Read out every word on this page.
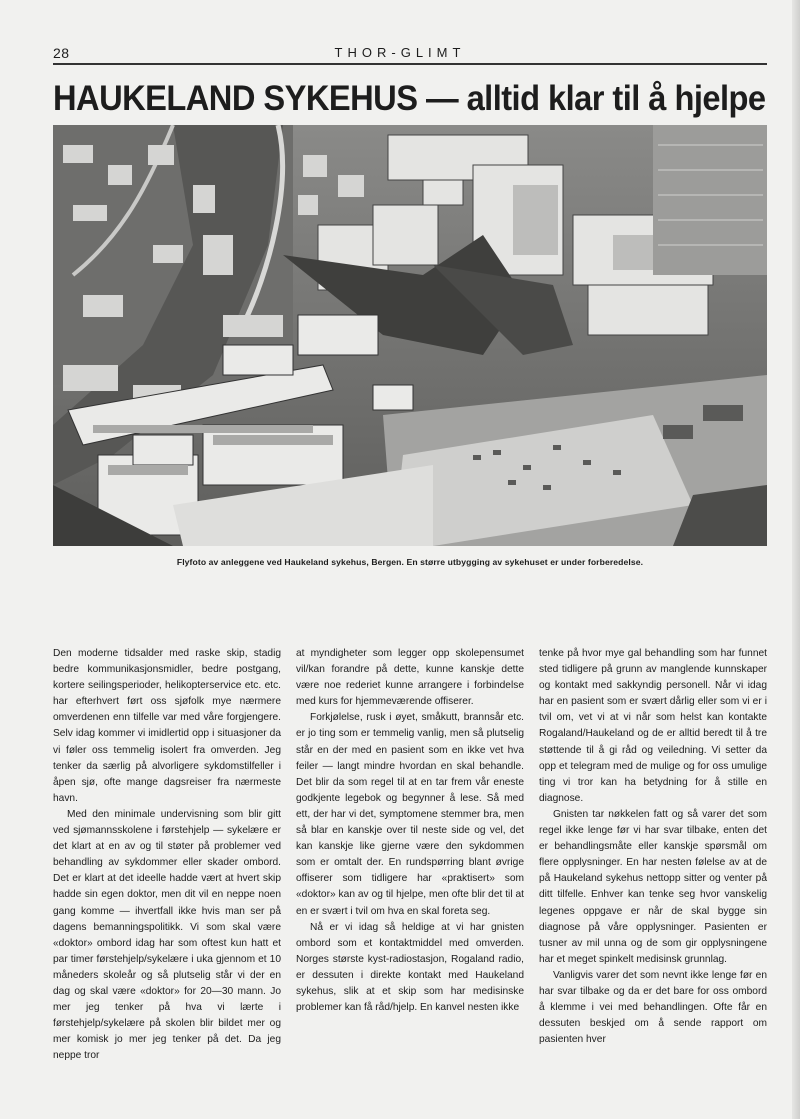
28	THOR-GLIMT
HAUKELAND SYKEHUS — alltid klar til å hjelpe
Flyfoto av anleggene ved Haukeland sykehus, Bergen. En større utbygging av sykehuset er under forberedelse.

Den moderne tidsalder med raske skip, stadig bedre kommunikasjonsmidler, bedre postgang, kortere seilingsperioder, helikopterservice etc. etc. har efterhvert ført oss sjøfolk mye nærmere omverdenen enn tilfelle var med våre forgjengere. Selv idag kommer vi imidlertid opp i situasjoner da vi føler oss temmelig isolert fra omverden. Jeg tenker da særlig på alvorligere sykdomstilfeller i åpen sjø, ofte mange dagsreiser fra nærmeste havn.

Med den minimale undervisning som blir gitt ved sjømannsskolene i førstehjelp — sykelære er det klart at en av og til støter på problemer ved behandling av sykdommer eller skader ombord. Det er klart at det ideelle hadde vært at hvert skip hadde sin egen doktor, men dit vil en neppe noen gang komme — ihvertfall ikke hvis man ser på dagens bemanningspolitikk. Vi som skal være «doktor» ombord idag har som oftest kun hatt et par timer førstehjelp/sykelære i uka gjennom et 10 måneders skoleår og så plutselig står vi der en dag og skal være «doktor» for 20—30 mann. Jo mer jeg tenker på hva vi lærte i førstehjelp/sykelære på skolen blir bildet mer og mer komisk jo mer jeg tenker på det. Da jeg neppe tror

at myndigheter som legger opp skolepensumet vil/kan forandre på dette, kunne kanskje dette være noe rederiet kunne arrangere i forbindelse med kurs for hjemmeværende offiserer.

Forkjølelse, rusk i øyet, småkutt, brannsår etc. er jo ting som er temmelig vanlig, men så plutselig står en der med en pasient som en ikke vet hva feiler — langt mindre hvordan en skal behandle. Det blir da som regel til at en tar frem vår eneste godkjente legebok og begynner å lese. Så med ett, der har vi det, symptomene stemmer bra, men så blar en kanskje over til neste side og vel, det kan kanskje like gjerne være den sykdommen som er omtalt der. En rundspørring blant øvrige offiserer som tidligere har «praktisert» som «doktor» kan av og til hjelpe, men ofte blir det til at en er svært i tvil om hva en skal foreta seg.

Nå er vi idag så heldige at vi har gnisten ombord som et kontaktmiddel med omverden. Norges største kyst-radiostasjon, Rogaland radio, er dessuten i direkte kontakt med Haukeland sykehus, slik at et skip som har medisinske problemer kan få råd/hjelp. En kanvel nesten ikke

tenke på hvor mye gal behandling som har funnet sted tidligere på grunn av manglende kunnskaper og kontakt med sakkyndig personell. Når vi idag har en pasient som er svært dårlig eller som vi er i tvil om, vet vi at vi når som helst kan kontakte Rogaland/Haukeland og de er alltid beredt til å tre støttende til å gi råd og veiledning. Vi setter da opp et telegram med de mulige og for oss umulige ting vi tror kan ha betydning for å stille en diagnose.

Gnisten tar nøkkelen fatt og så varer det som regel ikke lenge før vi har svar tilbake, enten det er behandlingsmåte eller kanskje spørsmål om flere opplysninger. En har nesten følelse av at de på Haukeland sykehus nettopp sitter og venter på ditt tilfelle. Enhver kan tenke seg hvor vanskelig legenes oppgave er når de skal bygge sin diagnose på våre opplysninger. Pasienten er tusner av mil unna og de som gir opplysningene har et meget spinkelt medisinsk grunnlag.

Vanligvis varer det som nevnt ikke lenge før en har svar tilbake og da er det bare for oss ombord å klemme i vei med behandlingen. Ofte får en dessuten beskjed om å sende rapport om pasienten hver
